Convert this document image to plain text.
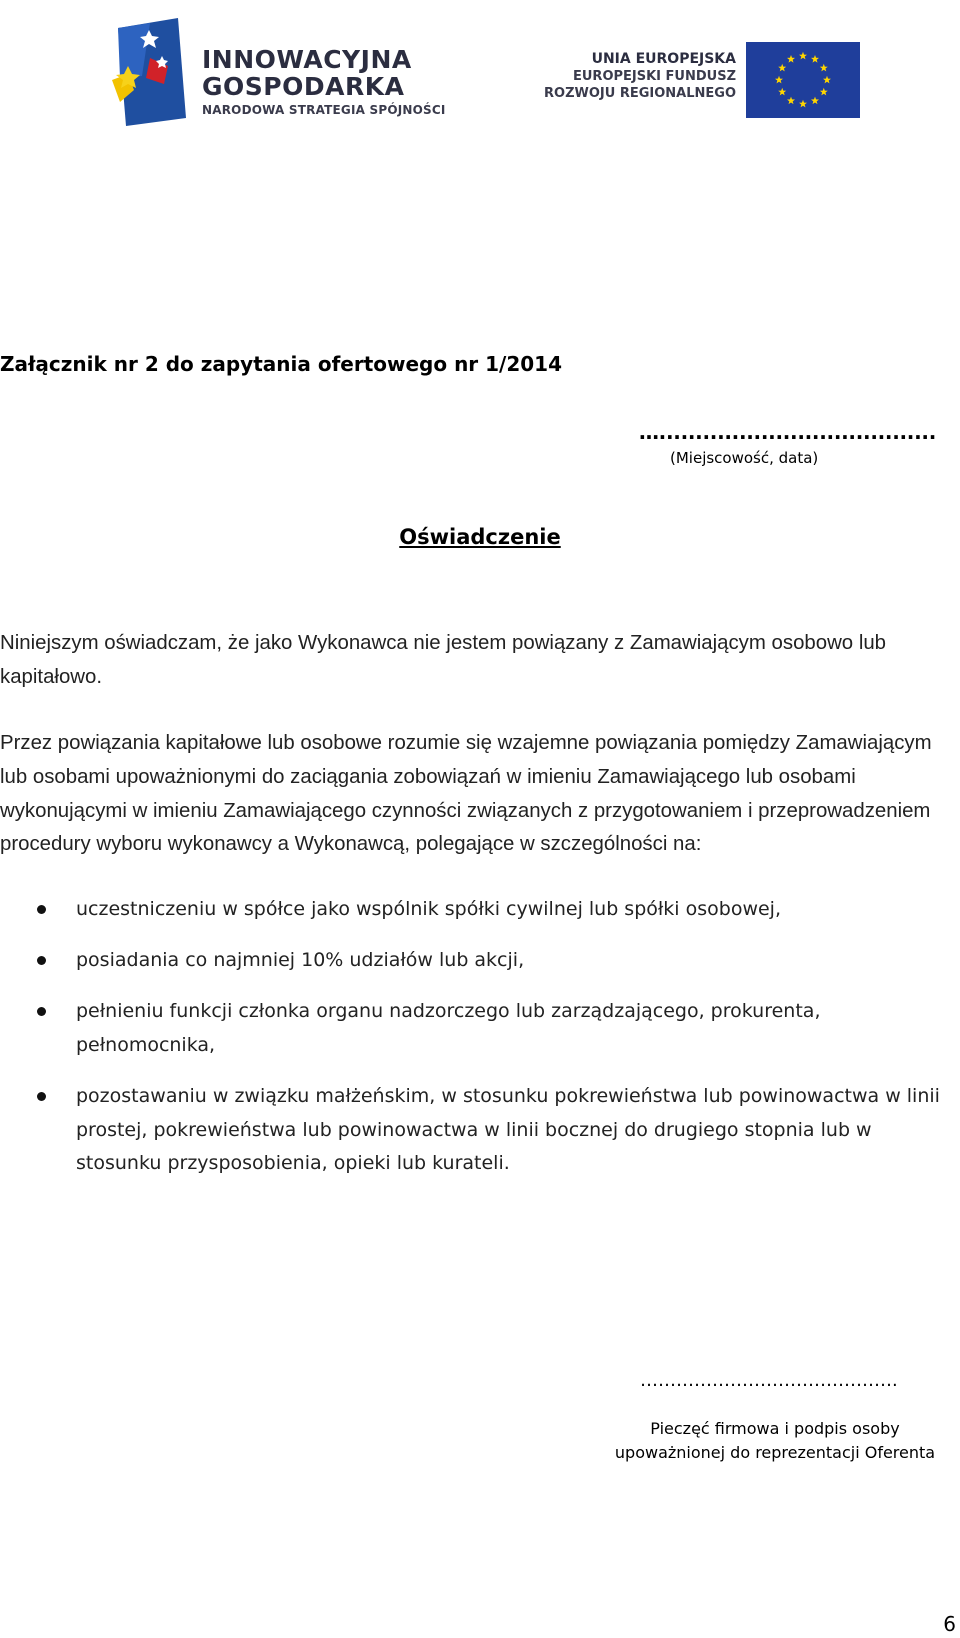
INNOWACYJNA
GOSPODARKA
NARODOWA STRATEGIA SPÓJNOŚCI
UNIA EUROPEJSKA
EUROPEJSKI FUNDUSZ
ROZWOJU REGIONALNEGO
Załącznik nr 2 do zapytania ofertowego nr 1/2014
…......................................
(Miejscowość, data)
Oświadczenie
Niniejszym oświadczam, że jako Wykonawca nie jestem powiązany z Zamawiającym osobowo lub kapitałowo.
Przez powiązania kapitałowe lub osobowe rozumie się wzajemne powiązania pomiędzy Zamawiającym lub osobami upoważnionymi do zaciągania zobowiązań w imieniu Zamawiającego lub osobami wykonującymi w imieniu Zamawiającego czynności związanych z przygotowaniem i przeprowadzeniem procedury wyboru wykonawcy a Wykonawcą, polegające w szczególności na:
uczestniczeniu w spółce jako wspólnik spółki cywilnej lub spółki osobowej,
posiadania co najmniej 10% udziałów lub akcji,
pełnieniu funkcji członka organu nadzorczego lub zarządzającego, prokurenta, pełnomocnika,
pozostawaniu w związku małżeńskim, w stosunku pokrewieństwa lub powinowactwa w linii prostej, pokrewieństwa lub powinowactwa w linii bocznej do drugiego stopnia lub w stosunku przysposobienia, opieki lub kurateli.
…………………………………….
Pieczęć firmowa i podpis osoby
upoważnionej do reprezentacji Oferenta
6
